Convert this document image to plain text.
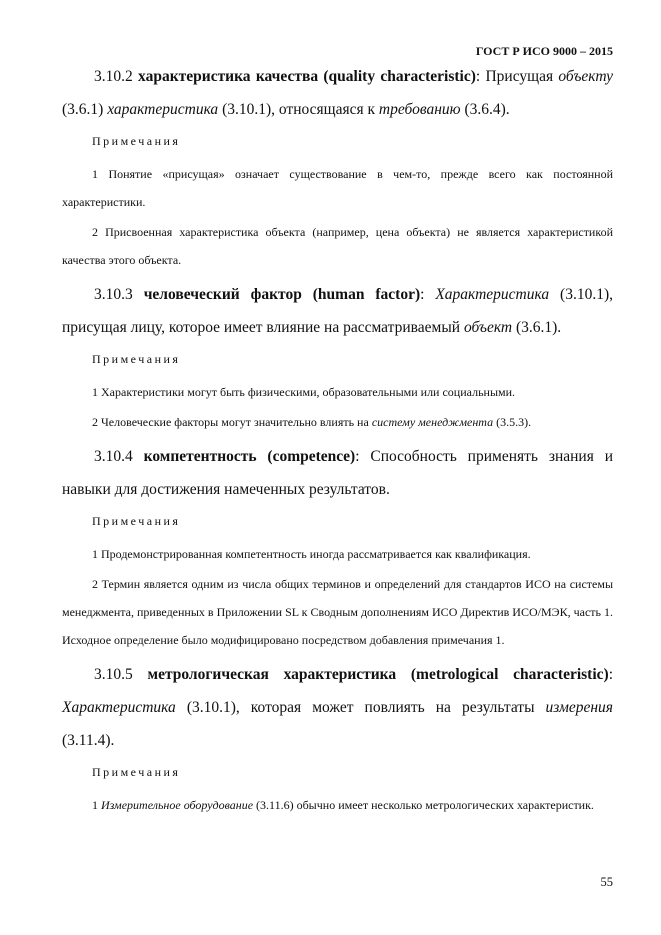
ГОСТ Р ИСО 9000 – 2015

3.10.2 характеристика качества (quality characteristic): Присущая объекту (3.6.1) характеристика (3.10.1), относящаяся к требованию (3.6.4).

Примечания

1 Понятие «присущая» означает существование в чем-то, прежде всего как постоянной характеристики.

2 Присвоенная характеристика объекта (например, цена объекта) не является характеристикой качества этого объекта.

3.10.3 человеческий фактор (human factor): Характеристика (3.10.1), присущая лицу, которое имеет влияние на рассматриваемый объект (3.6.1).

Примечания

1 Характеристики могут быть физическими, образовательными или социальными.

2 Человеческие факторы могут значительно влиять на систему менеджмента (3.5.3).

3.10.4 компетентность (competence): Способность применять знания и навыки для достижения намеченных результатов.

Примечания

1 Продемонстрированная компетентность иногда рассматривается как квалификация.

2 Термин является одним из числа общих терминов и определений для стандартов ИСО на системы менеджмента, приведенных в Приложении SL к Сводным дополнениям ИСО Директив ИСО/МЭК, часть 1. Исходное определение было модифицировано посредством добавления примечания 1.

3.10.5 метрологическая характеристика (metrological characteristic): Характеристика (3.10.1), которая может повлиять на результаты измерения (3.11.4).

Примечания

1 Измерительное оборудование (3.11.6) обычно имеет несколько метрологических характеристик.

55
